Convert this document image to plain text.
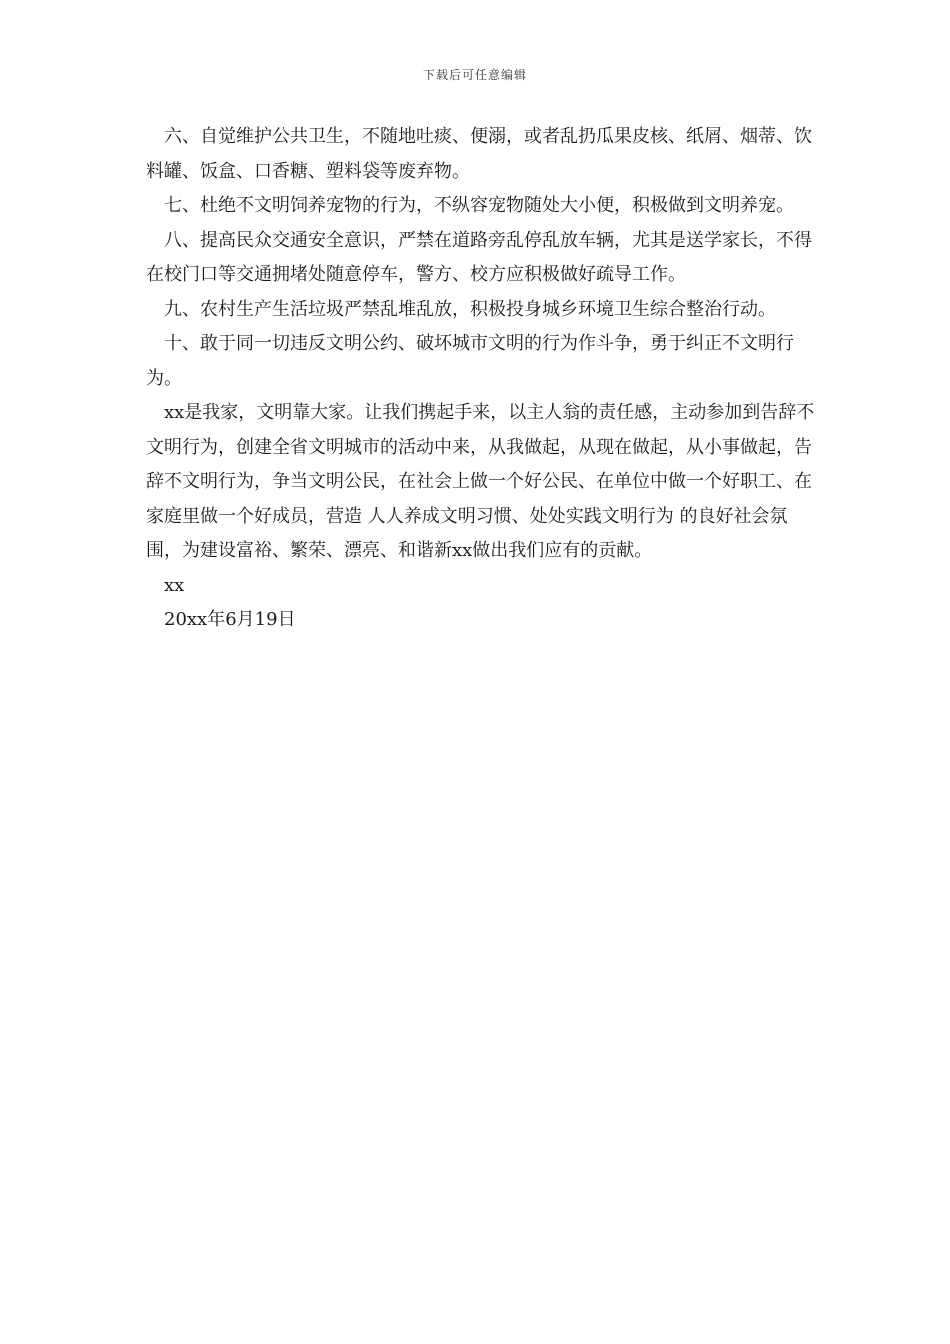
下载后可任意编辑

六、自觉维护公共卫生，不随地吐痰、便溺，或者乱扔瓜果皮核、纸屑、烟蒂、饮料罐、饭盒、口香糖、塑料袋等废弃物。

七、杜绝不文明饲养宠物的行为，不纵容宠物随处大小便，积极做到文明养宠。

八、提高民众交通安全意识，严禁在道路旁乱停乱放车辆，尤其是送学家长，不得在校门口等交通拥堵处随意停车，警方、校方应积极做好疏导工作。

九、农村生产生活垃圾严禁乱堆乱放，积极投身城乡环境卫生综合整治行动。

十、敢于同一切违反文明公约、破坏城市文明的行为作斗争，勇于纠正不文明行为。

xx是我家，文明靠大家。让我们携起手来，以主人翁的责任感，主动参加到告辞不文明行为，创建全省文明城市的活动中来，从我做起，从现在做起，从小事做起，告辞不文明行为，争当文明公民，在社会上做一个好公民、在单位中做一个好职工、在家庭里做一个好成员，营造 人人养成文明习惯、处处实践文明行为 的良好社会氛围，为建设富裕、繁荣、漂亮、和谐新xx做出我们应有的贡献。

xx

20xx年6月19日
